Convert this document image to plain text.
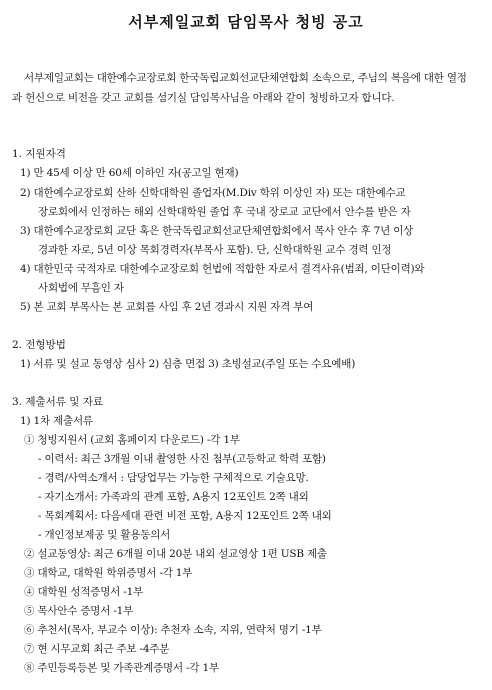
서부제일교회 담임목사 청빙 공고
서부제일교회는 대한예수교장로회 한국독립교회선교단체연합회 소속으로, 주님의 복음에 대한 열정과 헌신으로 비전을 갖고 교회를 섬기실 담임목사님을 아래와 같이 청빙하고자 합니다.
1. 지원자격
1) 만 45세 이상 만 60세 이하인 자(공고일 현재)
2) 대한예수교장로회 산하 신학대학원 졸업자(M.Div 학위 이상인 자) 또는 대한예수교
장로회에서 인정하는 해외 신학대학원 졸업 후 국내 장로교 교단에서 안수를 받은 자
3) 대한예수교장로회 교단 혹은 한국독립교회선교단체연합회에서 목사 안수 후 7년 이상
경과한 자로, 5년 이상 목회경력자(부목사 포함). 단, 신학대학원 교수 경력 인정
4) 대한민국 국적자로 대한예수교장로회 헌법에 적합한 자로서 결격사유(범죄, 이단이력)와
사회법에 무흠인 자
5) 본 교회 부목사는 본 교회를 사임 후 2년 경과시 지원 자격 부여
2. 전형방법
1) 서류 및 설교 동영상 심사 2) 심층 면접 3) 초빙설교(주일 또는 수요예배)
3. 제출서류 및 자료
1) 1차 제출서류
① 청빙지원서 (교회 홈페이지 다운로드) -각 1부
- 이력서: 최근 3개월 이내 촬영한 사진 첨부(고등학교 학력 포함)
- 경력/사역소개서 : 담당업무는 가능한 구체적으로 기술요망.
- 자기소개서: 가족과의 관계 포함, A용지 12포인트 2쪽 내외
- 목회계획서: 다음세대 관련 비전 포함, A용지 12포인트 2쪽 내외
- 개인정보제공 및 활용동의서
② 설교동영상: 최근 6개월 이내 20분 내외 설교영상 1편 USB 제출
③ 대학교, 대학원 학위증명서 -각 1부
④ 대학원 성적증명서 -1부
⑤ 목사안수 증명서 -1부
⑥ 추천서(목사, 부교수 이상): 추천자 소속, 지위, 연락처 명기 -1부
⑦ 현 시무교회 최근 주보 -4주분
⑧ 주민등록등본 및 가족관계증명서 -각 1부
